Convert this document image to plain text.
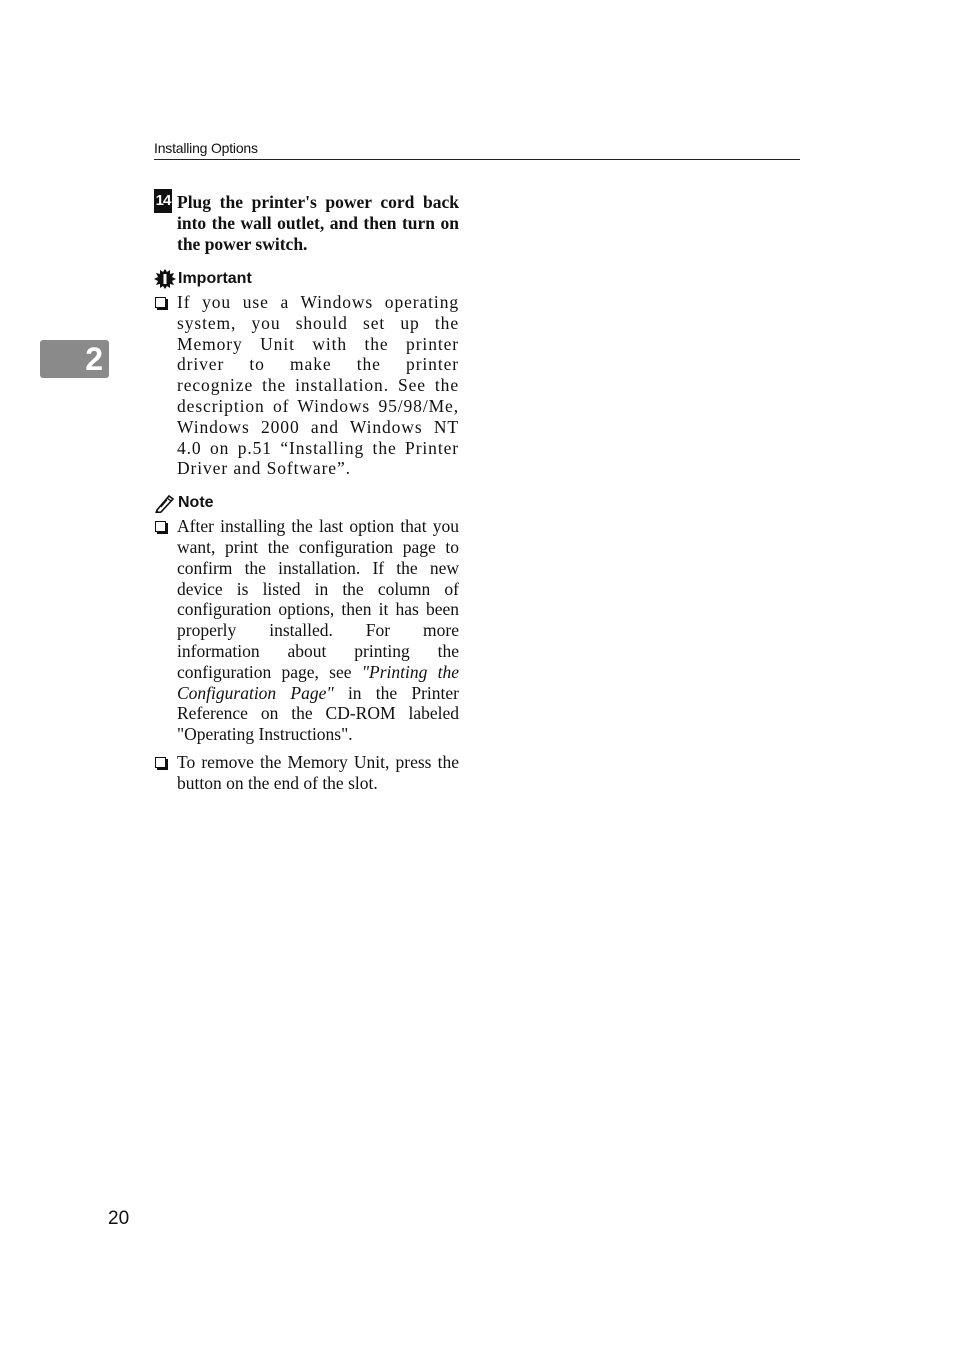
Installing Options
2
14 Plug the printer's power cord back into the wall outlet, and then turn on the power switch.
Important
If you use a Windows operating system, you should set up the Memory Unit with the printer driver to make the printer recognize the installation. See the description of Windows 95/98/Me, Windows 2000 and Windows NT 4.0 on p.51 “Installing the Printer Driver and Software”.
Note
After installing the last option that you want, print the configuration page to confirm the installation. If the new device is listed in the column of configuration options, then it has been properly installed. For more information about printing the configuration page, see "Printing the Configuration Page" in the Printer Reference on the CD-ROM labeled "Operating Instructions".
To remove the Memory Unit, press the button on the end of the slot.
20
